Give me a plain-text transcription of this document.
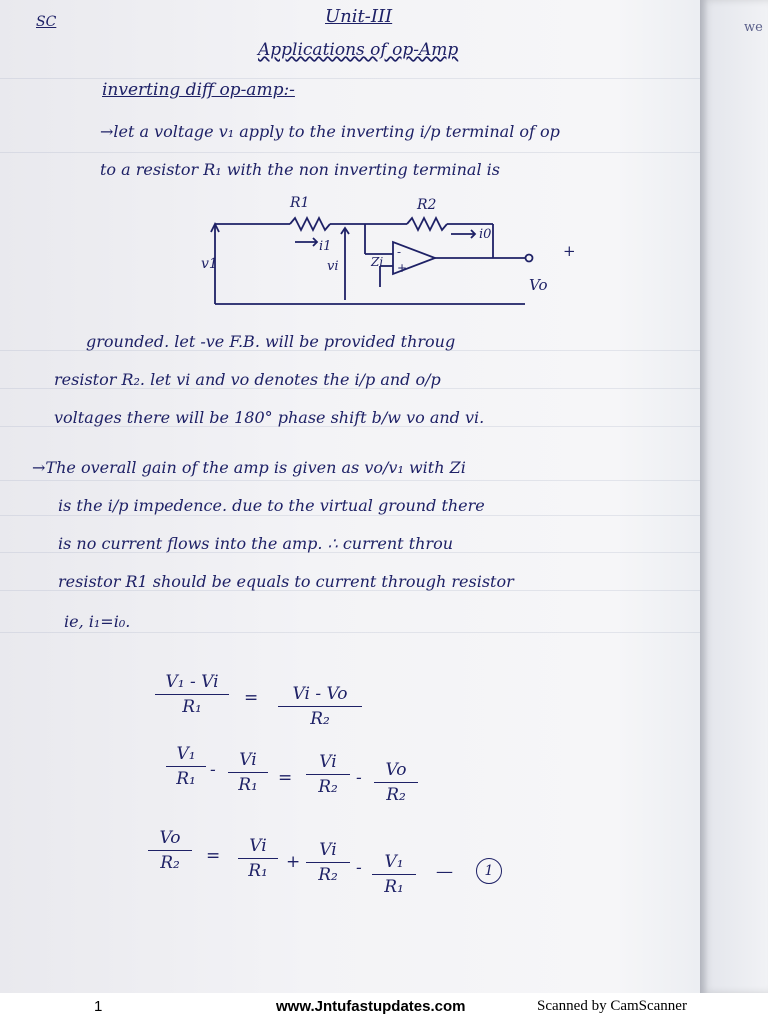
we
SC	Unit-III
Applications of op-Amp
inverting diff op-amp:-
→let a voltage v₁ apply to the inverting i/p terminal of op
to a resistor R₁ with the non inverting terminal is
R1	R2
i1
i0
v1	vi	Zi
-
+
+
Vo
grounded. let -ve F.B. will be provided throug
resistor R₂. let vi and vo denotes the i/p and o/p
voltages there will be 180° phase shift b/w vo and vi.
→The overall gain of the amp is given as vo/v₁ with Zi
is the i/p impedence. due to the virtual ground there
is no current flows into the amp. ∴ current throu
resistor R1 should be equals to current through resistor
ie, i₁=i₀.
V₁ - Vi
R₁	=	Vi - Vo
R₂
V₁
R₁ -	Vi
R₁	=
Vi
R₂	-	Vo
R₂
Vo
R₂	=	Vi
R₁	+
Vi
R₂	-	V₁
R₁
—	1
1	www.Jntufastupdates.com	Scanned by CamScanner
